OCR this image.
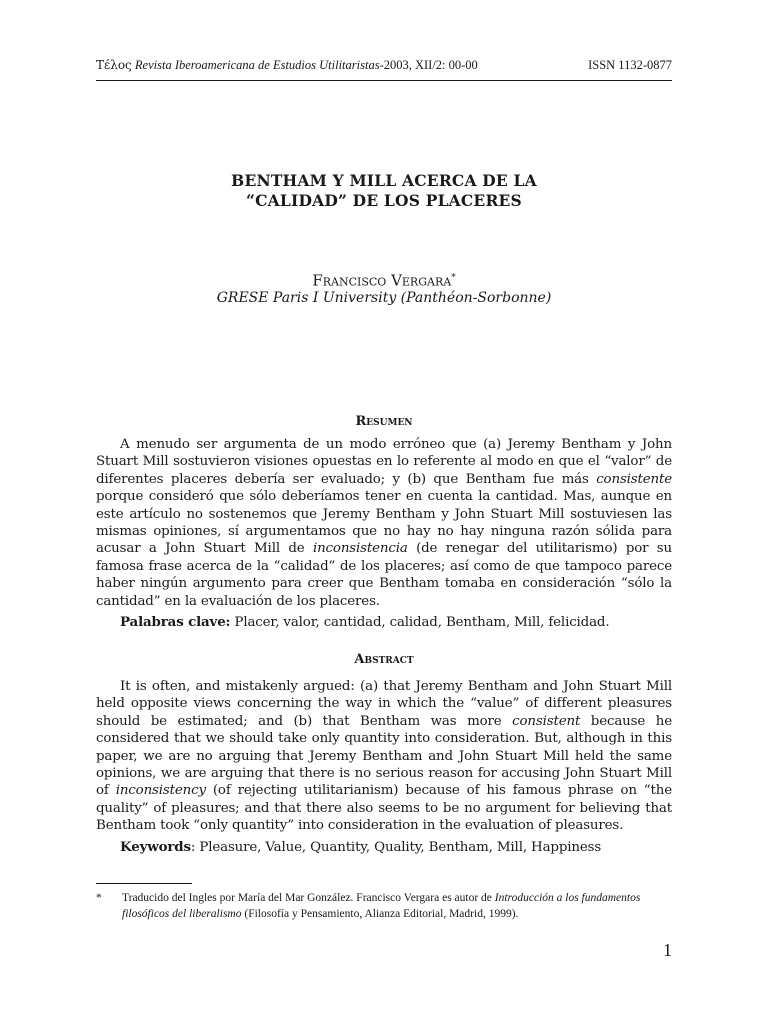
Tέλος Revista Iberoamericana de Estudios Utilitaristas-2003, XII/2: 00-00	ISSN 1132-0877
BENTHAM Y MILL ACERCA DE LA
“CALIDAD” DE LOS PLACERES
Francisco Vergara*
GRESE Paris I University (Panthéon-Sorbonne)
Resumen

A menudo ser argumenta de un modo erróneo que (a) Jeremy Bentham y John Stuart Mill sostuvieron visiones opuestas en lo referente al modo en que el “valor” de diferentes placeres debería ser evaluado; y (b) que Bentham fue más consistente porque consideró que sólo deberíamos tener en cuenta la cantidad. Mas, aunque en este artículo no sostenemos que Jeremy Bentham y John Stuart Mill sostuviesen las mismas opiniones, sí argumentamos que no hay no hay ninguna razón sólida para acusar a John Stuart Mill de inconsistencia (de renegar del utilitarismo) por su famosa frase acerca de la “calidad” de los placeres; así como de que tampoco parece haber ningún argumento para creer que Bentham tomaba en consideración “sólo la cantidad” en la evaluación de los placeres.

Palabras clave: Placer, valor, cantidad, calidad, Bentham, Mill, felicidad.

Abstract

It is often, and mistakenly argued: (a) that Jeremy Bentham and John Stuart Mill held opposite views concerning the way in which the “value” of different pleasures should be estimated; and (b) that Bentham was more consistent because he considered that we should take only quantity into consideration. But, although in this paper, we are no arguing that Jeremy Bentham and John Stuart Mill held the same opinions, we are arguing that there is no serious reason for accusing John Stuart Mill of inconsistency (of rejecting utilitarianism) because of his famous phrase on “the quality” of pleasures; and that there also seems to be no argument for believing that Bentham took “only quantity” into consideration in the evaluation of pleasures.

Keywords: Pleasure, Value, Quantity, Quality, Bentham, Mill, Happiness

* Traducido del Ingles por María del Mar González. Francisco Vergara es autor de Introducción a los fundamentos filosóficos del liberalismo (Filosofía y Pensamiento, Alianza Editorial, Madrid, 1999).
1
